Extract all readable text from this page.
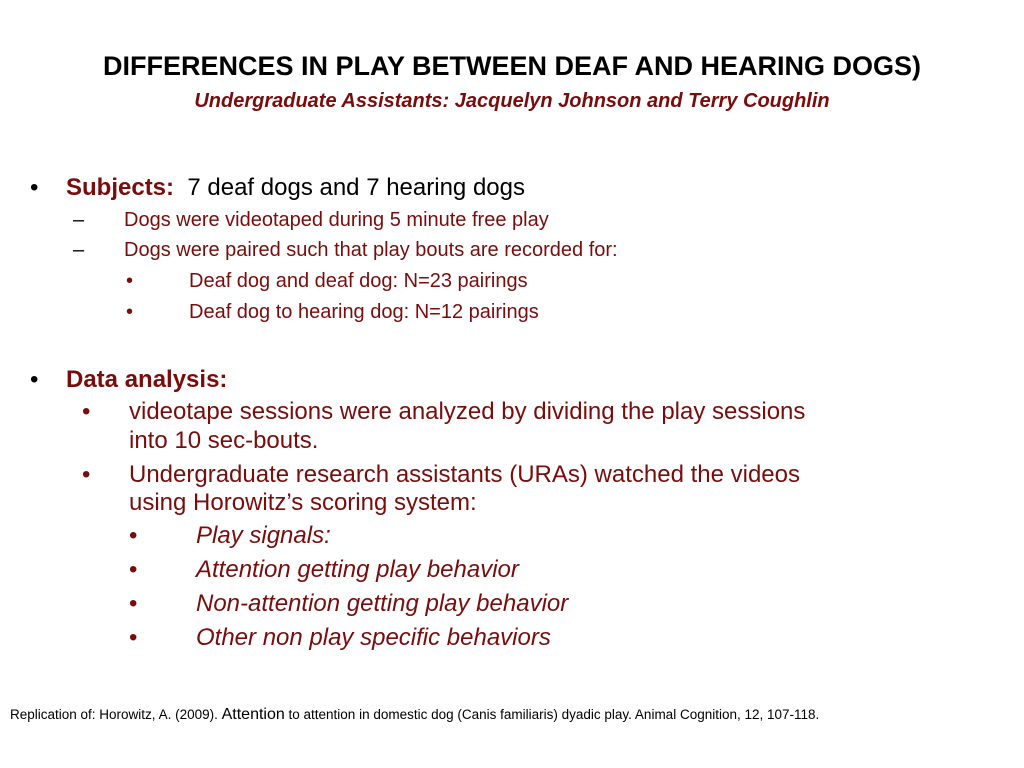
DIFFERENCES IN PLAY BETWEEN DEAF AND HEARING DOGS)
Undergraduate Assistants: Jacquelyn Johnson and Terry Coughlin
• Subjects: 7 deaf dogs and 7 hearing dogs
– Dogs were videotaped during 5 minute free play
– Dogs were paired such that play bouts are recorded for:
•	Deaf dog and deaf dog: N=23 pairings
•	Deaf dog to hearing dog: N=12 pairings
• Data analysis:
• videotape sessions were analyzed by dividing the play sessions
into 10 sec-bouts.
• Undergraduate research assistants (URAs) watched the videos
using Horowitz’s scoring system:
• Play signals:
• Attention getting play behavior
• Non-attention getting play behavior
• Other non play specific behaviors
Replication of: Horowitz, A. (2009). Attention to attention in domestic dog (Canis familiaris) dyadic play. Animal Cognition, 12, 107-118.
